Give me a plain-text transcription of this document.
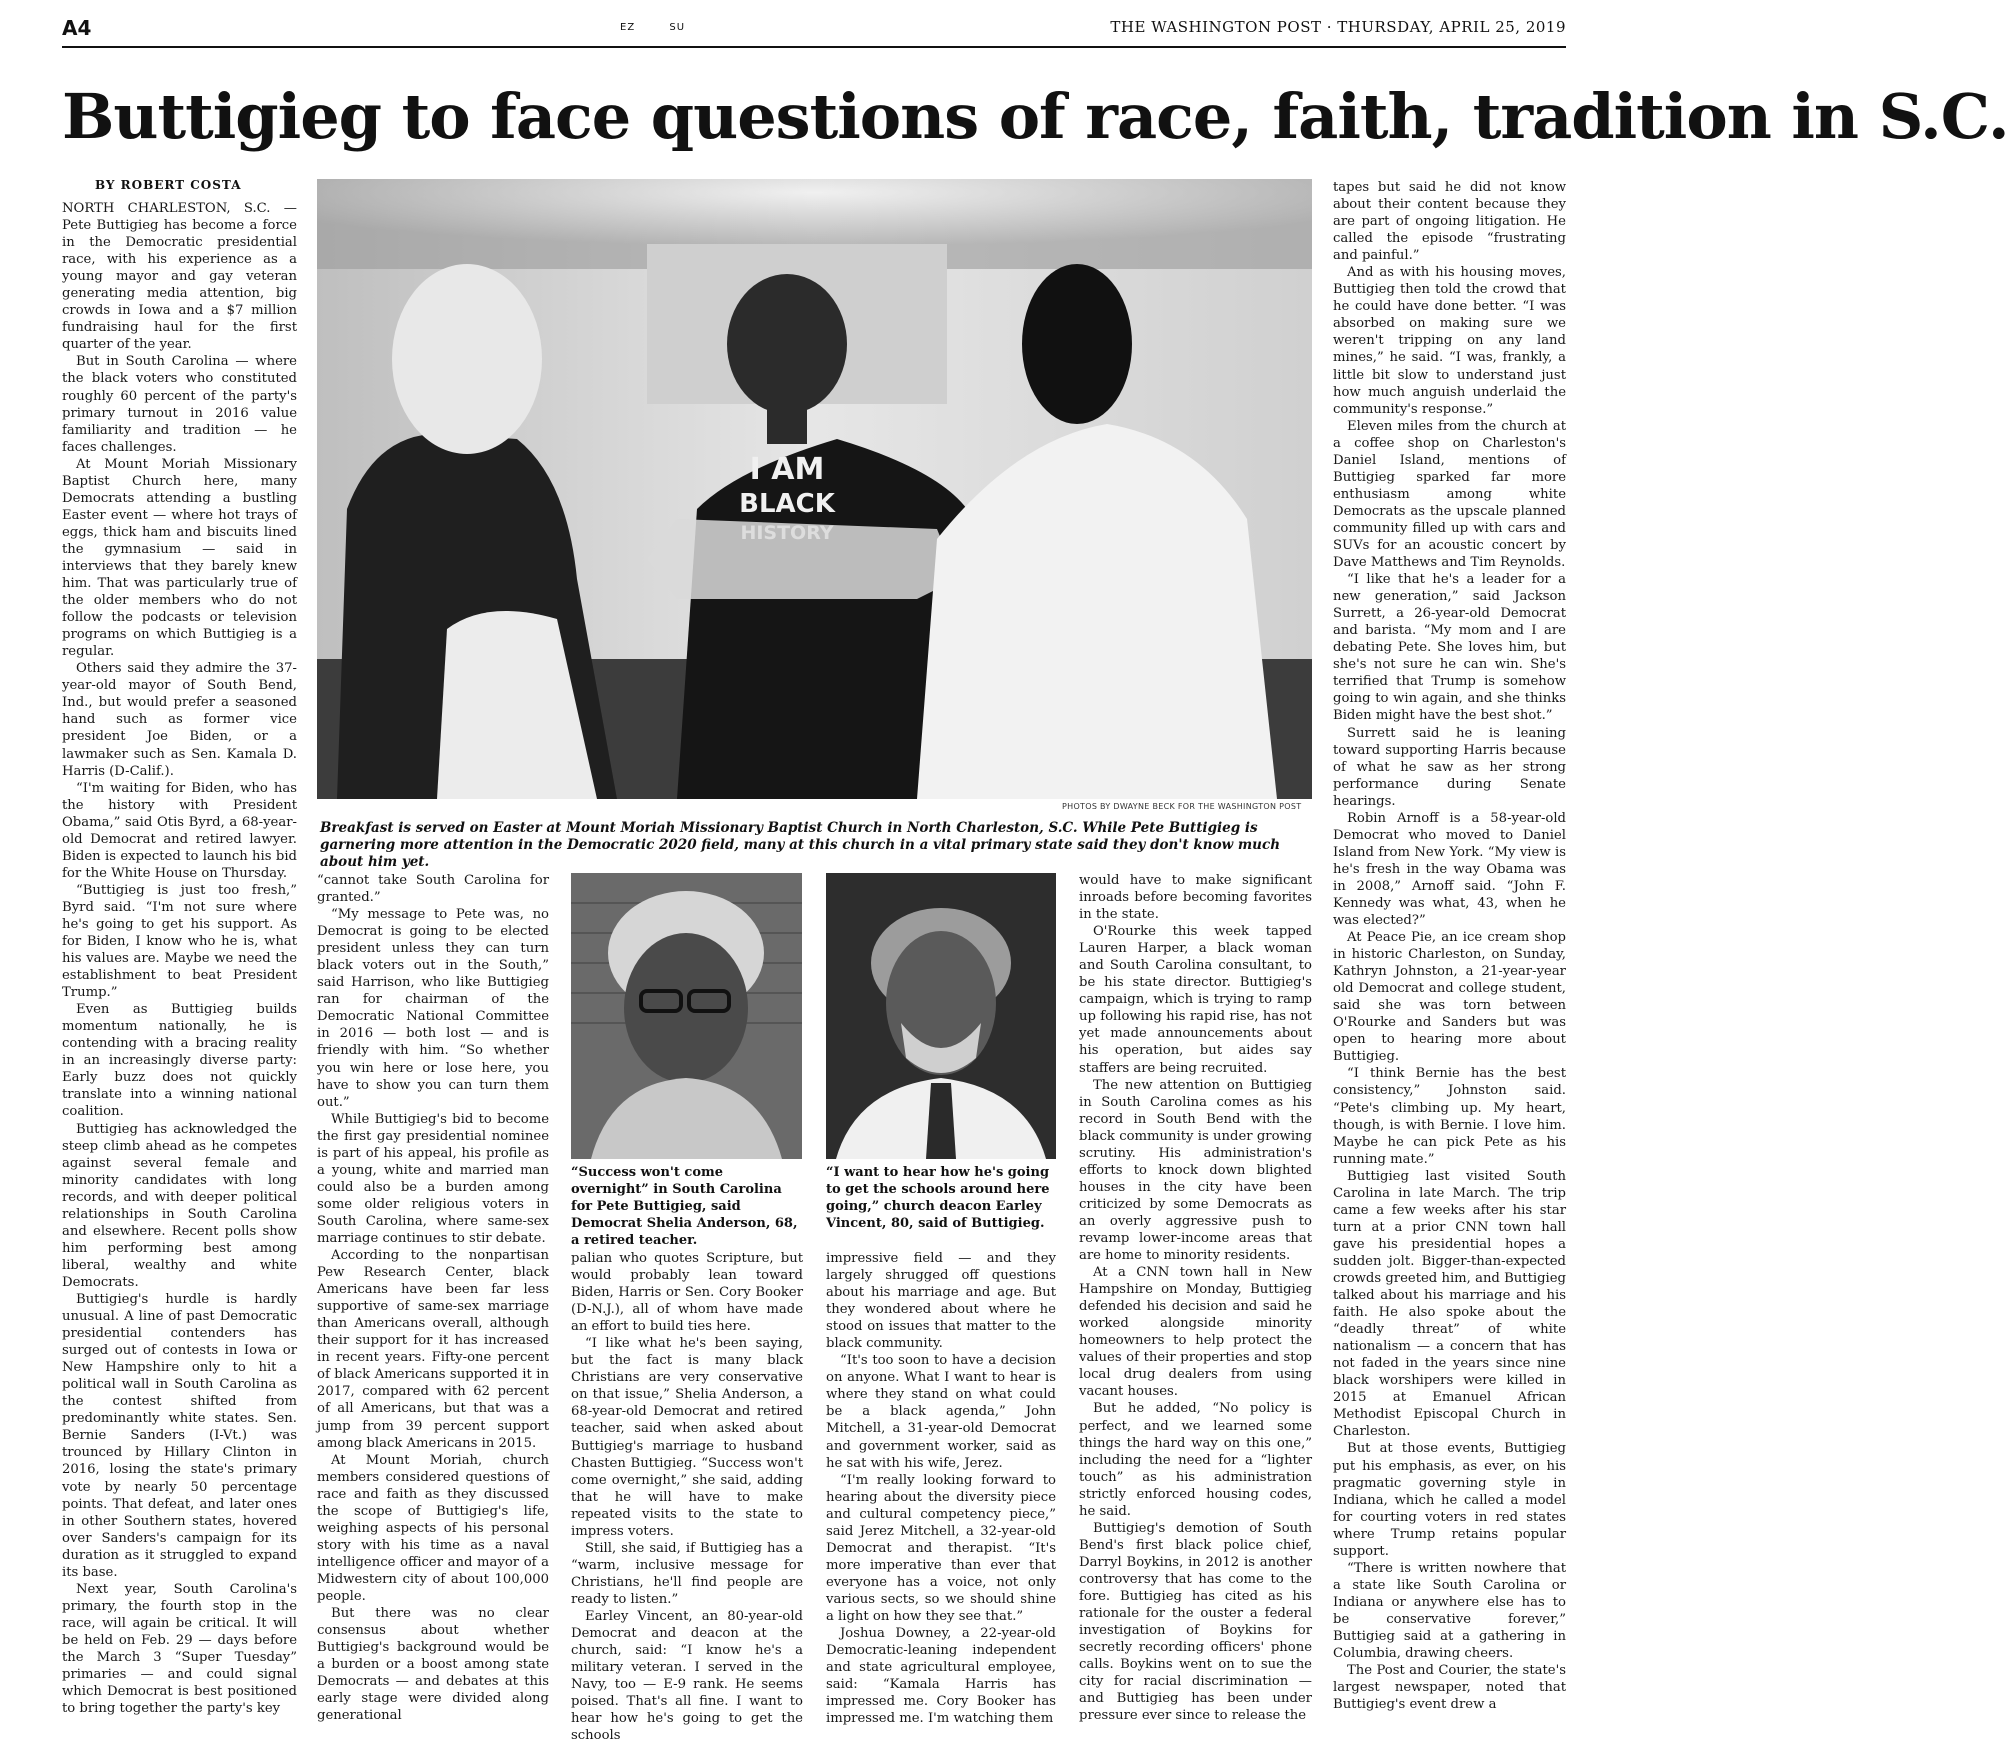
A4	EZ	SU	THE WASHINGTON POST · THURSDAY, APRIL 25, 2019
Buttigieg to face questions of race, faith, tradition in S.C.
BY ROBERT COSTA

NORTH CHARLESTON, S.C. — Pete Buttigieg has become a force in the Democratic presidential race, with his experience as a young mayor and gay veteran generating media attention, big crowds in Iowa and a $7 million fundraising haul for the first quarter of the year.

But in South Carolina — where the black voters who constituted roughly 60 percent of the party's primary turnout in 2016 value familiarity and tradition — he faces challenges.

At Mount Moriah Missionary Baptist Church here, many Democrats attending a bustling Easter event — where hot trays of eggs, thick ham and biscuits lined the gymnasium — said in interviews that they barely knew him. That was particularly true of the older members who do not follow the podcasts or television programs on which Buttigieg is a regular.

Others said they admire the 37-year-old mayor of South Bend, Ind., but would prefer a seasoned hand such as former vice president Joe Biden, or a lawmaker such as Sen. Kamala D. Harris (D-Calif.).

“I'm waiting for Biden, who has the history with President Obama,” said Otis Byrd, a 68-year-old Democrat and retired lawyer. Biden is expected to launch his bid for the White House on Thursday.

“Buttigieg is just too fresh,” Byrd said. “I'm not sure where he's going to get his support. As for Biden, I know who he is, what his values are. Maybe we need the establishment to beat President Trump.”

Even as Buttigieg builds momentum nationally, he is contending with a bracing reality in an increasingly diverse party: Early buzz does not quickly translate into a winning national coalition.

Buttigieg has acknowledged the steep climb ahead as he competes against several female and minority candidates with long records, and with deeper political relationships in South Carolina and elsewhere. Recent polls show him performing best among liberal, wealthy and white Democrats.

Buttigieg's hurdle is hardly unusual. A line of past Democratic presidential contenders has surged out of contests in Iowa or New Hampshire only to hit a political wall in South Carolina as the contest shifted from predominantly white states. Sen. Bernie Sanders (I-Vt.) was trounced by Hillary Clinton in 2016, losing the state's primary vote by nearly 50 percentage points. That defeat, and later ones in other Southern states, hovered over Sanders's campaign for its duration as it struggled to expand its base.

Next year, South Carolina's primary, the fourth stop in the race, will again be critical. It will be held on Feb. 29 — days before the March 3 “Super Tuesday” primaries — and could signal which Democrat is best positioned to bring together the party's key

I AM
BLACK
PHOTOS BY DWAYNE BECK FOR THE WASHINGTON POST
Breakfast is served on Easter at Mount Moriah Missionary Baptist Church in North Charleston, S.C. While Pete Buttigieg is garnering more attention in the Democratic 2020 field, many at this church in a vital primary state said they don't know much about him yet.

“cannot take South Carolina for granted.”

“My message to Pete was, no Democrat is going to be elected president unless they can turn black voters out in the South,” said Harrison, who like Buttigieg ran for chairman of the Democratic National Committee in 2016 — both lost — and is friendly with him. “So whether you win here or lose here, you have to show you can turn them out.”

While Buttigieg's bid to become the first gay presidential nominee is part of his appeal, his profile as a young, white and married man could also be a burden among some older religious voters in South Carolina, where same-sex marriage continues to stir debate.

According to the nonpartisan Pew Research Center, black Americans have been far less supportive of same-sex marriage than Americans overall, although their support for it has increased in recent years. Fifty-one percent of black Americans supported it in 2017, compared with 62 percent of all Americans, but that was a jump from 39 percent support among black Americans in 2015.

At Mount Moriah, church members considered questions of race and faith as they discussed the scope of Buttigieg's life, weighing aspects of his personal story with his time as a naval intelligence officer and mayor of a Midwestern city of about 100,000 people.

But there was no clear consensus about whether Buttigieg's background would be a burden or a boost among state Democrats — and debates at this early stage were divided along generational

“Success won't come overnight” in South Carolina for Pete Buttigieg, said Democrat Shelia Anderson, 68, a retired teacher.
“I want to hear how he's going to get the schools around here going,” church deacon Earley Vincent, 80, said of Buttigieg.

palian who quotes Scripture, but would probably lean toward Biden, Harris or Sen. Cory Booker (D-N.J.), all of whom have made an effort to build ties here.

“I like what he's been saying, but the fact is many black Christians are very conservative on that issue,” Shelia Anderson, a 68-year-old Democrat and retired teacher, said when asked about Buttigieg's marriage to husband Chasten Buttigieg. “Success won't come overnight,” she said, adding that he will have to make repeated visits to the state to impress voters.

Still, she said, if Buttigieg has a “warm, inclusive message for Christians, he'll find people are ready to listen.”

Earley Vincent, an 80-year-old Democrat and deacon at the church, said: “I know he's a military veteran. I served in the Navy, too — E-9 rank. He seems poised. That's all fine. I want to hear how he's going to get the schools

impressive field — and they largely shrugged off questions about his marriage and age. But they wondered about where he stood on issues that matter to the black community.

“It's too soon to have a decision on anyone. What I want to hear is where they stand on what could be a black agenda,” John Mitchell, a 31-year-old Democrat and government worker, said as he sat with his wife, Jerez.

“I'm really looking forward to hearing about the diversity piece and cultural competency piece,” said Jerez Mitchell, a 32-year-old Democrat and therapist. “It's more imperative than ever that everyone has a voice, not only various sects, so we should shine a light on how they see that.”

Joshua Downey, a 22-year-old Democratic-leaning independent and state agricultural employee, said: “Kamala Harris has impressed me. Cory Booker has impressed me. I'm watching them

would have to make significant inroads before becoming favorites in the state.

O'Rourke this week tapped Lauren Harper, a black woman and South Carolina consultant, to be his state director. Buttigieg's campaign, which is trying to ramp up following his rapid rise, has not yet made announcements about his operation, but aides say staffers are being recruited.

The new attention on Buttigieg in South Carolina comes as his record in South Bend with the black community is under growing scrutiny. His administration's efforts to knock down blighted houses in the city have been criticized by some Democrats as an overly aggressive push to revamp lower-income areas that are home to minority residents.

At a CNN town hall in New Hampshire on Monday, Buttigieg defended his decision and said he worked alongside minority homeowners to help protect the values of their properties and stop local drug dealers from using vacant houses.

But he added, “No policy is perfect, and we learned some things the hard way on this one,” including the need for a “lighter touch” as his administration strictly enforced housing codes, he said.

Buttigieg's demotion of South Bend's first black police chief, Darryl Boykins, in 2012 is another controversy that has come to the fore. Buttigieg has cited as his rationale for the ouster a federal investigation of Boykins for secretly recording officers' phone calls. Boykins went on to sue the city for racial discrimination — and Buttigieg has been under pressure ever since to release the

tapes but said he did not know about their content because they are part of ongoing litigation. He called the episode “frustrating and painful.”

And as with his housing moves, Buttigieg then told the crowd that he could have done better. “I was absorbed on making sure we weren't tripping on any land mines,” he said. “I was, frankly, a little bit slow to understand just how much anguish underlaid the community's response.”

Eleven miles from the church at a coffee shop on Charleston's Daniel Island, mentions of Buttigieg sparked far more enthusiasm among white Democrats as the upscale planned community filled up with cars and SUVs for an acoustic concert by Dave Matthews and Tim Reynolds.

“I like that he's a leader for a new generation,” said Jackson Surrett, a 26-year-old Democrat and barista. “My mom and I are debating Pete. She loves him, but she's not sure he can win. She's terrified that Trump is somehow going to win again, and she thinks Biden might have the best shot.”

Surrett said he is leaning toward supporting Harris because of what he saw as her strong performance during Senate hearings.

Robin Arnoff is a 58-year-old Democrat who moved to Daniel Island from New York. “My view is he's fresh in the way Obama was in 2008,” Arnoff said. “John F. Kennedy was what, 43, when he was elected?”

At Peace Pie, an ice cream shop in historic Charleston, on Sunday, Kathryn Johnston, a 21-year-year old Democrat and college student, said she was torn between O'Rourke and Sanders but was open to hearing more about Buttigieg.

“I think Bernie has the best consistency,” Johnston said. “Pete's climbing up. My heart, though, is with Bernie. I love him. Maybe he can pick Pete as his running mate.”

Buttigieg last visited South Carolina in late March. The trip came a few weeks after his star turn at a prior CNN town hall gave his presidential hopes a sudden jolt. Bigger-than-expected crowds greeted him, and Buttigieg talked about his marriage and his faith. He also spoke about the “deadly threat” of white nationalism — a concern that has not faded in the years since nine black worshipers were killed in 2015 at Emanuel African Methodist Episcopal Church in Charleston.

But at those events, Buttigieg put his emphasis, as ever, on his pragmatic governing style in Indiana, which he called a model for courting voters in red states where Trump retains popular support.

“There is written nowhere that a state like South Carolina or Indiana or anywhere else has to be conservative forever,” Buttigieg said at a gathering in Columbia, drawing cheers.

The Post and Courier, the state's largest newspaper, noted that Buttigieg's event drew a
